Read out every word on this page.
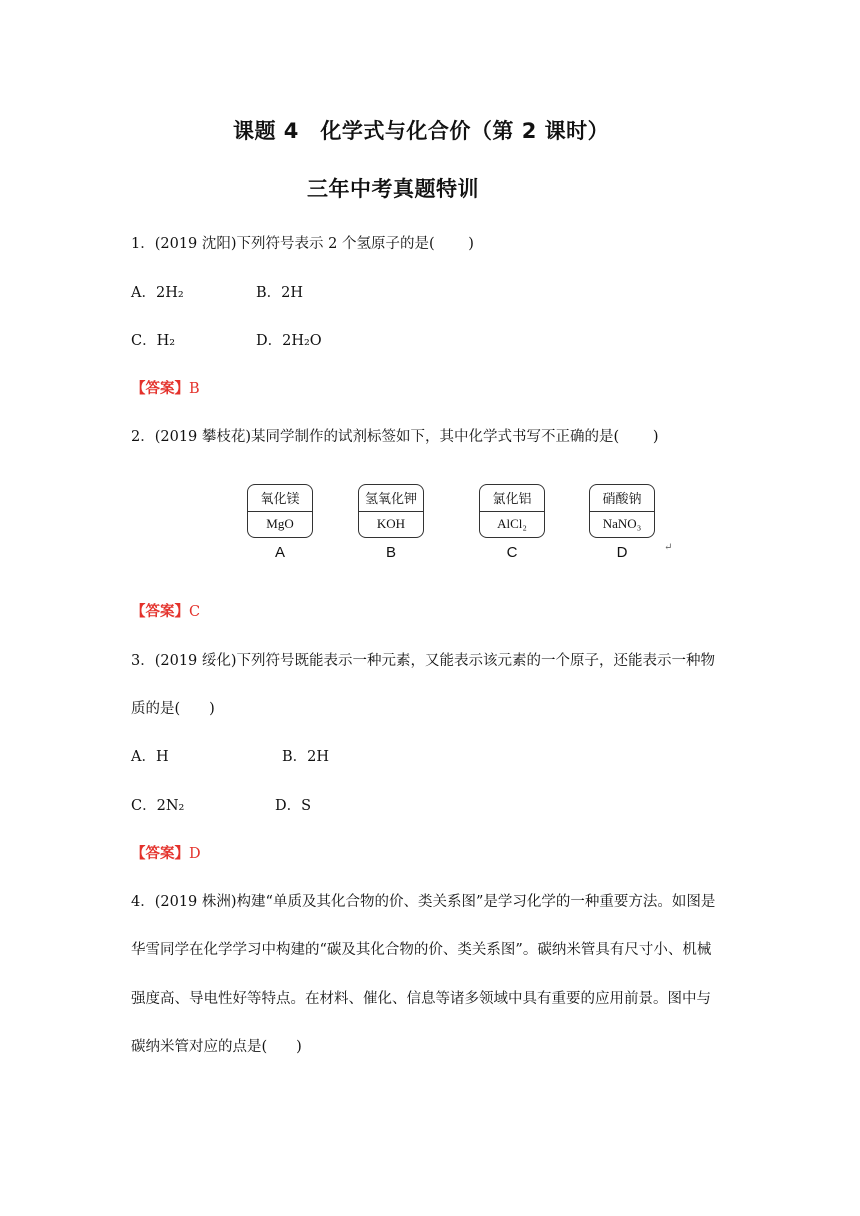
课题 4　化学式与化合价（第 2 课时）
三年中考真题特训
1．(2019 沈阳)下列符号表示 2 个氢原子的是(　　 )
A．2H₂	B．2H
C．H₂	D．2H₂O
【答案】B
2．(2019 攀枝花)某同学制作的试剂标签如下，其中化学式书写不正确的是(　　 )
氧化镁
MgO
A
氢氧化钾
KOH
B
氯化铝
AlCl₂
C
硝酸钠
NaNO₃
D	↵
【答案】C
3．(2019 绥化)下列符号既能表示一种元素，又能表示该元素的一个原子，还能表示一种物
质的是(　　)
A．H	B．2H
C．2N₂	D．S
【答案】D
4．(2019 株洲)构建“单质及其化合物的价、类关系图”是学习化学的一种重要方法。如图是
华雪同学在化学学习中构建的“碳及其化合物的价、类关系图”。碳纳米管具有尺寸小、机械
强度高、导电性好等特点。在材料、催化、信息等诸多领域中具有重要的应用前景。图中与
碳纳米管对应的点是(　　)
